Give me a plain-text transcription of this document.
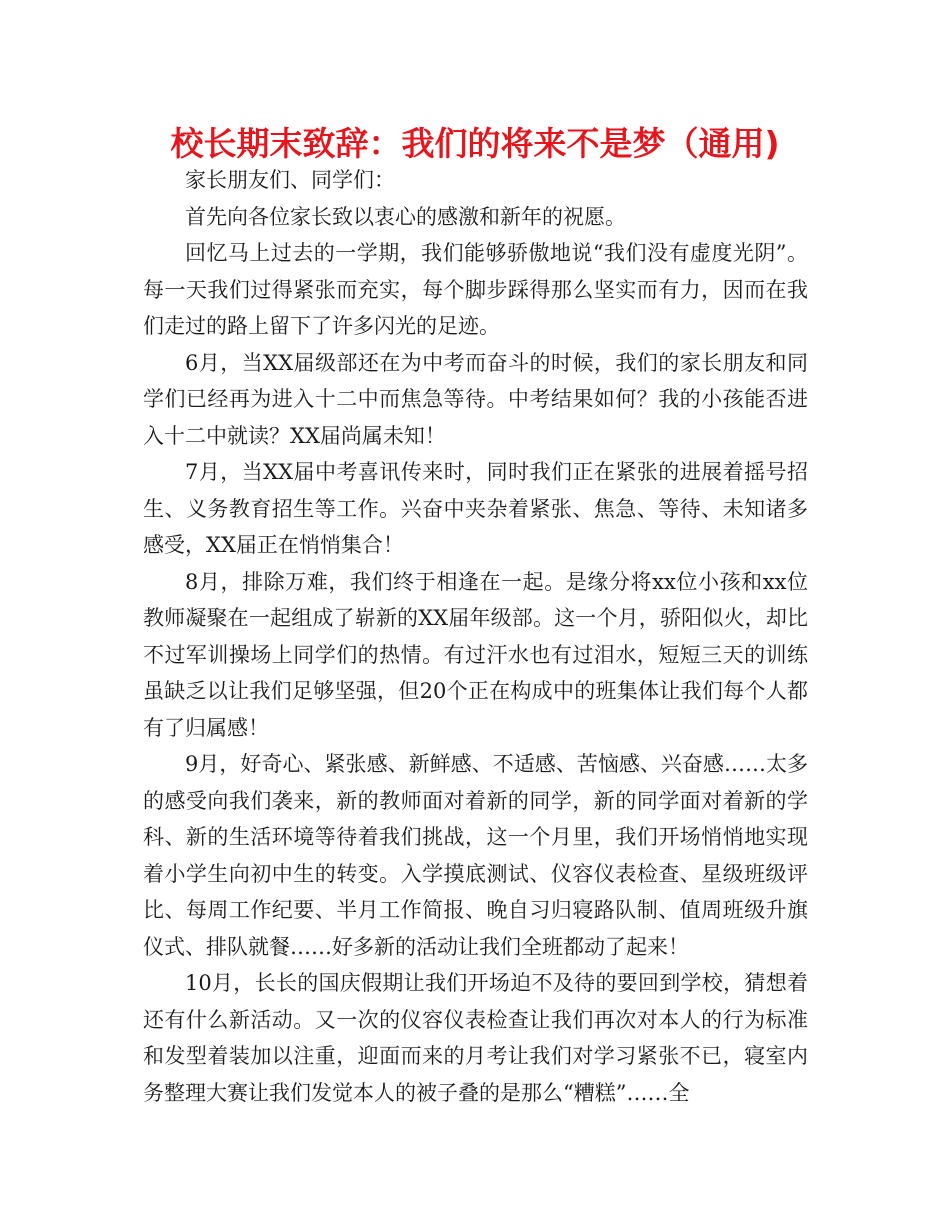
校长期末致辞：我们的将来不是梦（通用)

家长朋友们、同学们：

首先向各位家长致以衷心的感激和新年的祝愿。

回忆马上过去的一学期，我们能够骄傲地说“我们没有虚度光阴”。每一天我们过得紧张而充实，每个脚步踩得那么坚实而有力，因而在我们走过的路上留下了许多闪光的足迹。

6月，当XX届级部还在为中考而奋斗的时候，我们的家长朋友和同学们已经再为进入十二中而焦急等待。中考结果如何？我的小孩能否进入十二中就读？XX届尚属未知！

7月，当XX届中考喜讯传来时，同时我们正在紧张的进展着摇号招生、义务教育招生等工作。兴奋中夹杂着紧张、焦急、等待、未知诸多感受，XX届正在悄悄集合！

8月，排除万难，我们终于相逢在一起。是缘分将xx位小孩和xx位教师凝聚在一起组成了崭新的XX届年级部。这一个月，骄阳似火，却比不过军训操场上同学们的热情。有过汗水也有过泪水，短短三天的训练虽缺乏以让我们足够坚强，但20个正在构成中的班集体让我们每个人都有了归属感！

9月，好奇心、紧张感、新鲜感、不适感、苦恼感、兴奋感……太多的感受向我们袭来，新的教师面对着新的同学，新的同学面对着新的学科、新的生活环境等待着我们挑战，这一个月里，我们开场悄悄地实现着小学生向初中生的转变。入学摸底测试、仪容仪表检查、星级班级评比、每周工作纪要、半月工作简报、晚自习归寝路队制、值周班级升旗仪式、排队就餐……好多新的活动让我们全班都动了起来！

10月，长长的国庆假期让我们开场迫不及待的要回到学校，猜想着还有什么新活动。又一次的仪容仪表检查让我们再次对本人的行为标准和发型着装加以注重，迎面而来的月考让我们对学习紧张不已，寝室内务整理大赛让我们发觉本人的被子叠的是那么“糟糕”……全
